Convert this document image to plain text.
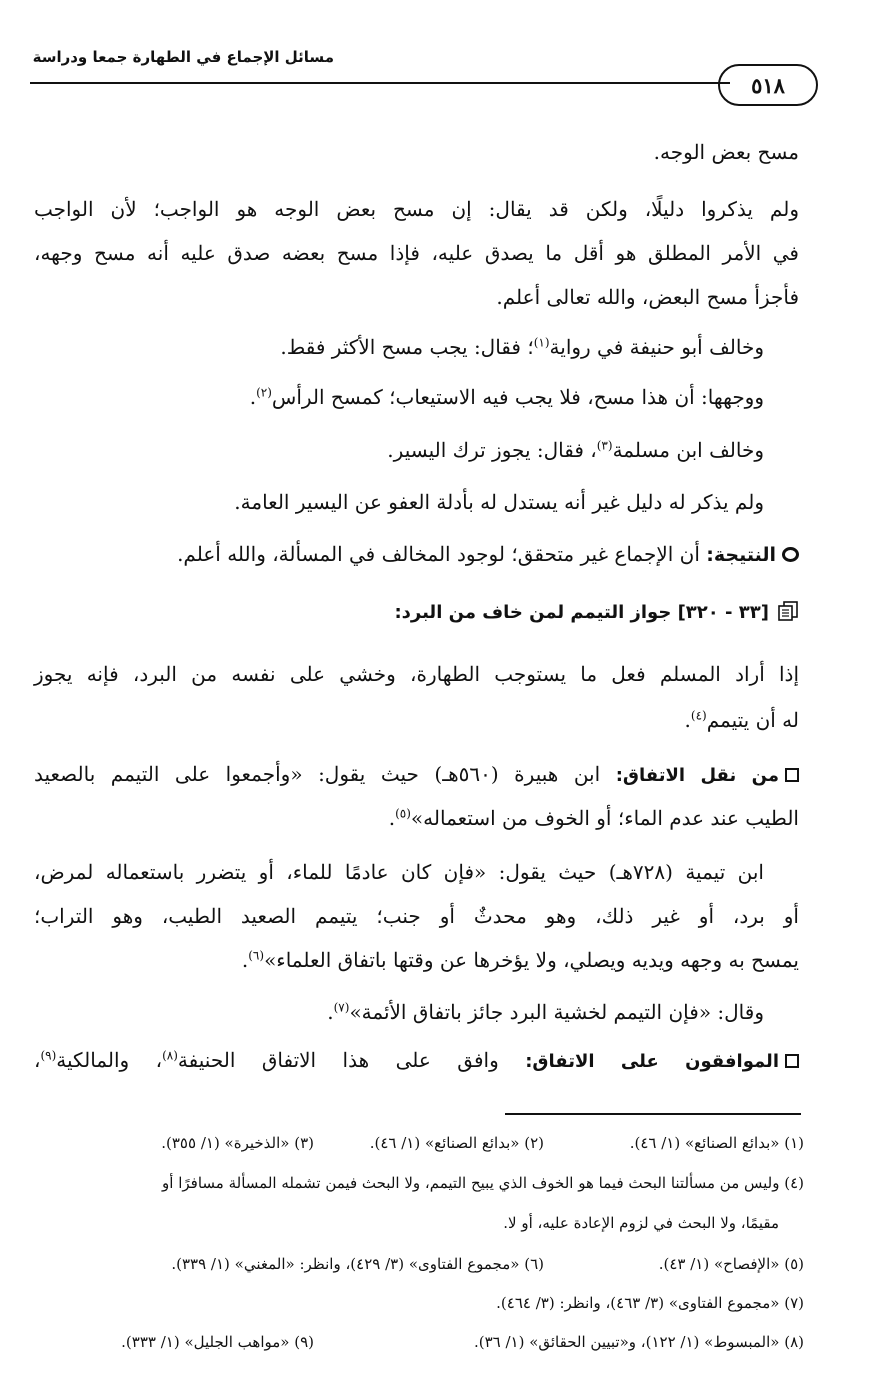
مسائل الإجماع في الطهارة جمعا ودراسة
٥١٨
مسح بعض الوجه.
ولم يذكروا دليلًا، ولكن قد يقال: إن مسح بعض الوجه هو الواجب؛ لأن الواجب
في الأمر المطلق هو أقل ما يصدق عليه، فإذا مسح بعضه صدق عليه أنه مسح وجهه،
فأجزأ مسح البعض، والله تعالى أعلم.
وخالف أبو حنيفة في رواية$^{(١)}$؛ فقال: يجب مسح الأكثر فقط.
ووجهها: أن هذا مسح، فلا يجب فيه الاستيعاب؛ كمسح الرأس$^{(٢)}$.
وخالف ابن مسلمة$^{(٣)}$، فقال: يجوز ترك اليسير.
ولم يذكر له دليل غير أنه يستدل له بأدلة العفو عن اليسير العامة.
النتيجة: أن الإجماع غير متحقق؛ لوجود المخالف في المسألة، والله أعلم.
[٣٣ - ٣٢٠] جواز التيمم لمن خاف من البرد:
إذا أراد المسلم فعل ما يستوجب الطهارة، وخشي على نفسه من البرد، فإنه يجوز
له أن يتيمم$^{(٤)}$.
من نقل الاتفاق: ابن هبيرة (٥٦٠هـ) حيث يقول: «وأجمعوا على التيمم بالصعيد
الطيب عند عدم الماء؛ أو الخوف من استعماله»$^{(٥)}$.
ابن تيمية (٧٢٨هـ) حيث يقول: «فإن كان عادمًا للماء، أو يتضرر باستعماله لمرض،
أو برد، أو غير ذلك، وهو محدثٌ أو جنب؛ يتيمم الصعيد الطيب، وهو التراب؛
يمسح به وجهه ويديه ويصلي، ولا يؤخرها عن وقتها باتفاق العلماء»$^{(٦)}$.
وقال: «فإن التيمم لخشية البرد جائز باتفاق الأئمة»$^{(٧)}$.
الموافقون على الاتفاق: وافق على هذا الاتفاق الحنيفة$^{(٨)}$، والمالكية$^{(٩)}$،
(١) «بدائع الصنائع» (١/ ٤٦).
(٢) «بدائع الصنائع» (١/ ٤٦).
(٣) «الذخيرة» (١/ ٣٥٥).
(٤) وليس من مسألتنا البحث فيما هو الخوف الذي يبيح التيمم، ولا البحث فيمن تشمله المسألة مسافرًا أو
مقيمًا، ولا البحث في لزوم الإعادة عليه، أو لا.
(٥) «الإفصاح» (١/ ٤٣).
(٦) «مجموع الفتاوى» (٣/ ٤٢٩)، وانظر: «المغني» (١/ ٣٣٩).
(٧) «مجموع الفتاوى» (٣/ ٤٦٣)، وانظر: (٣/ ٤٦٤).
(٨) «المبسوط» (١/ ١٢٢)، و«تبيين الحقائق» (١/ ٣٦).
(٩) «مواهب الجليل» (١/ ٣٣٣).
